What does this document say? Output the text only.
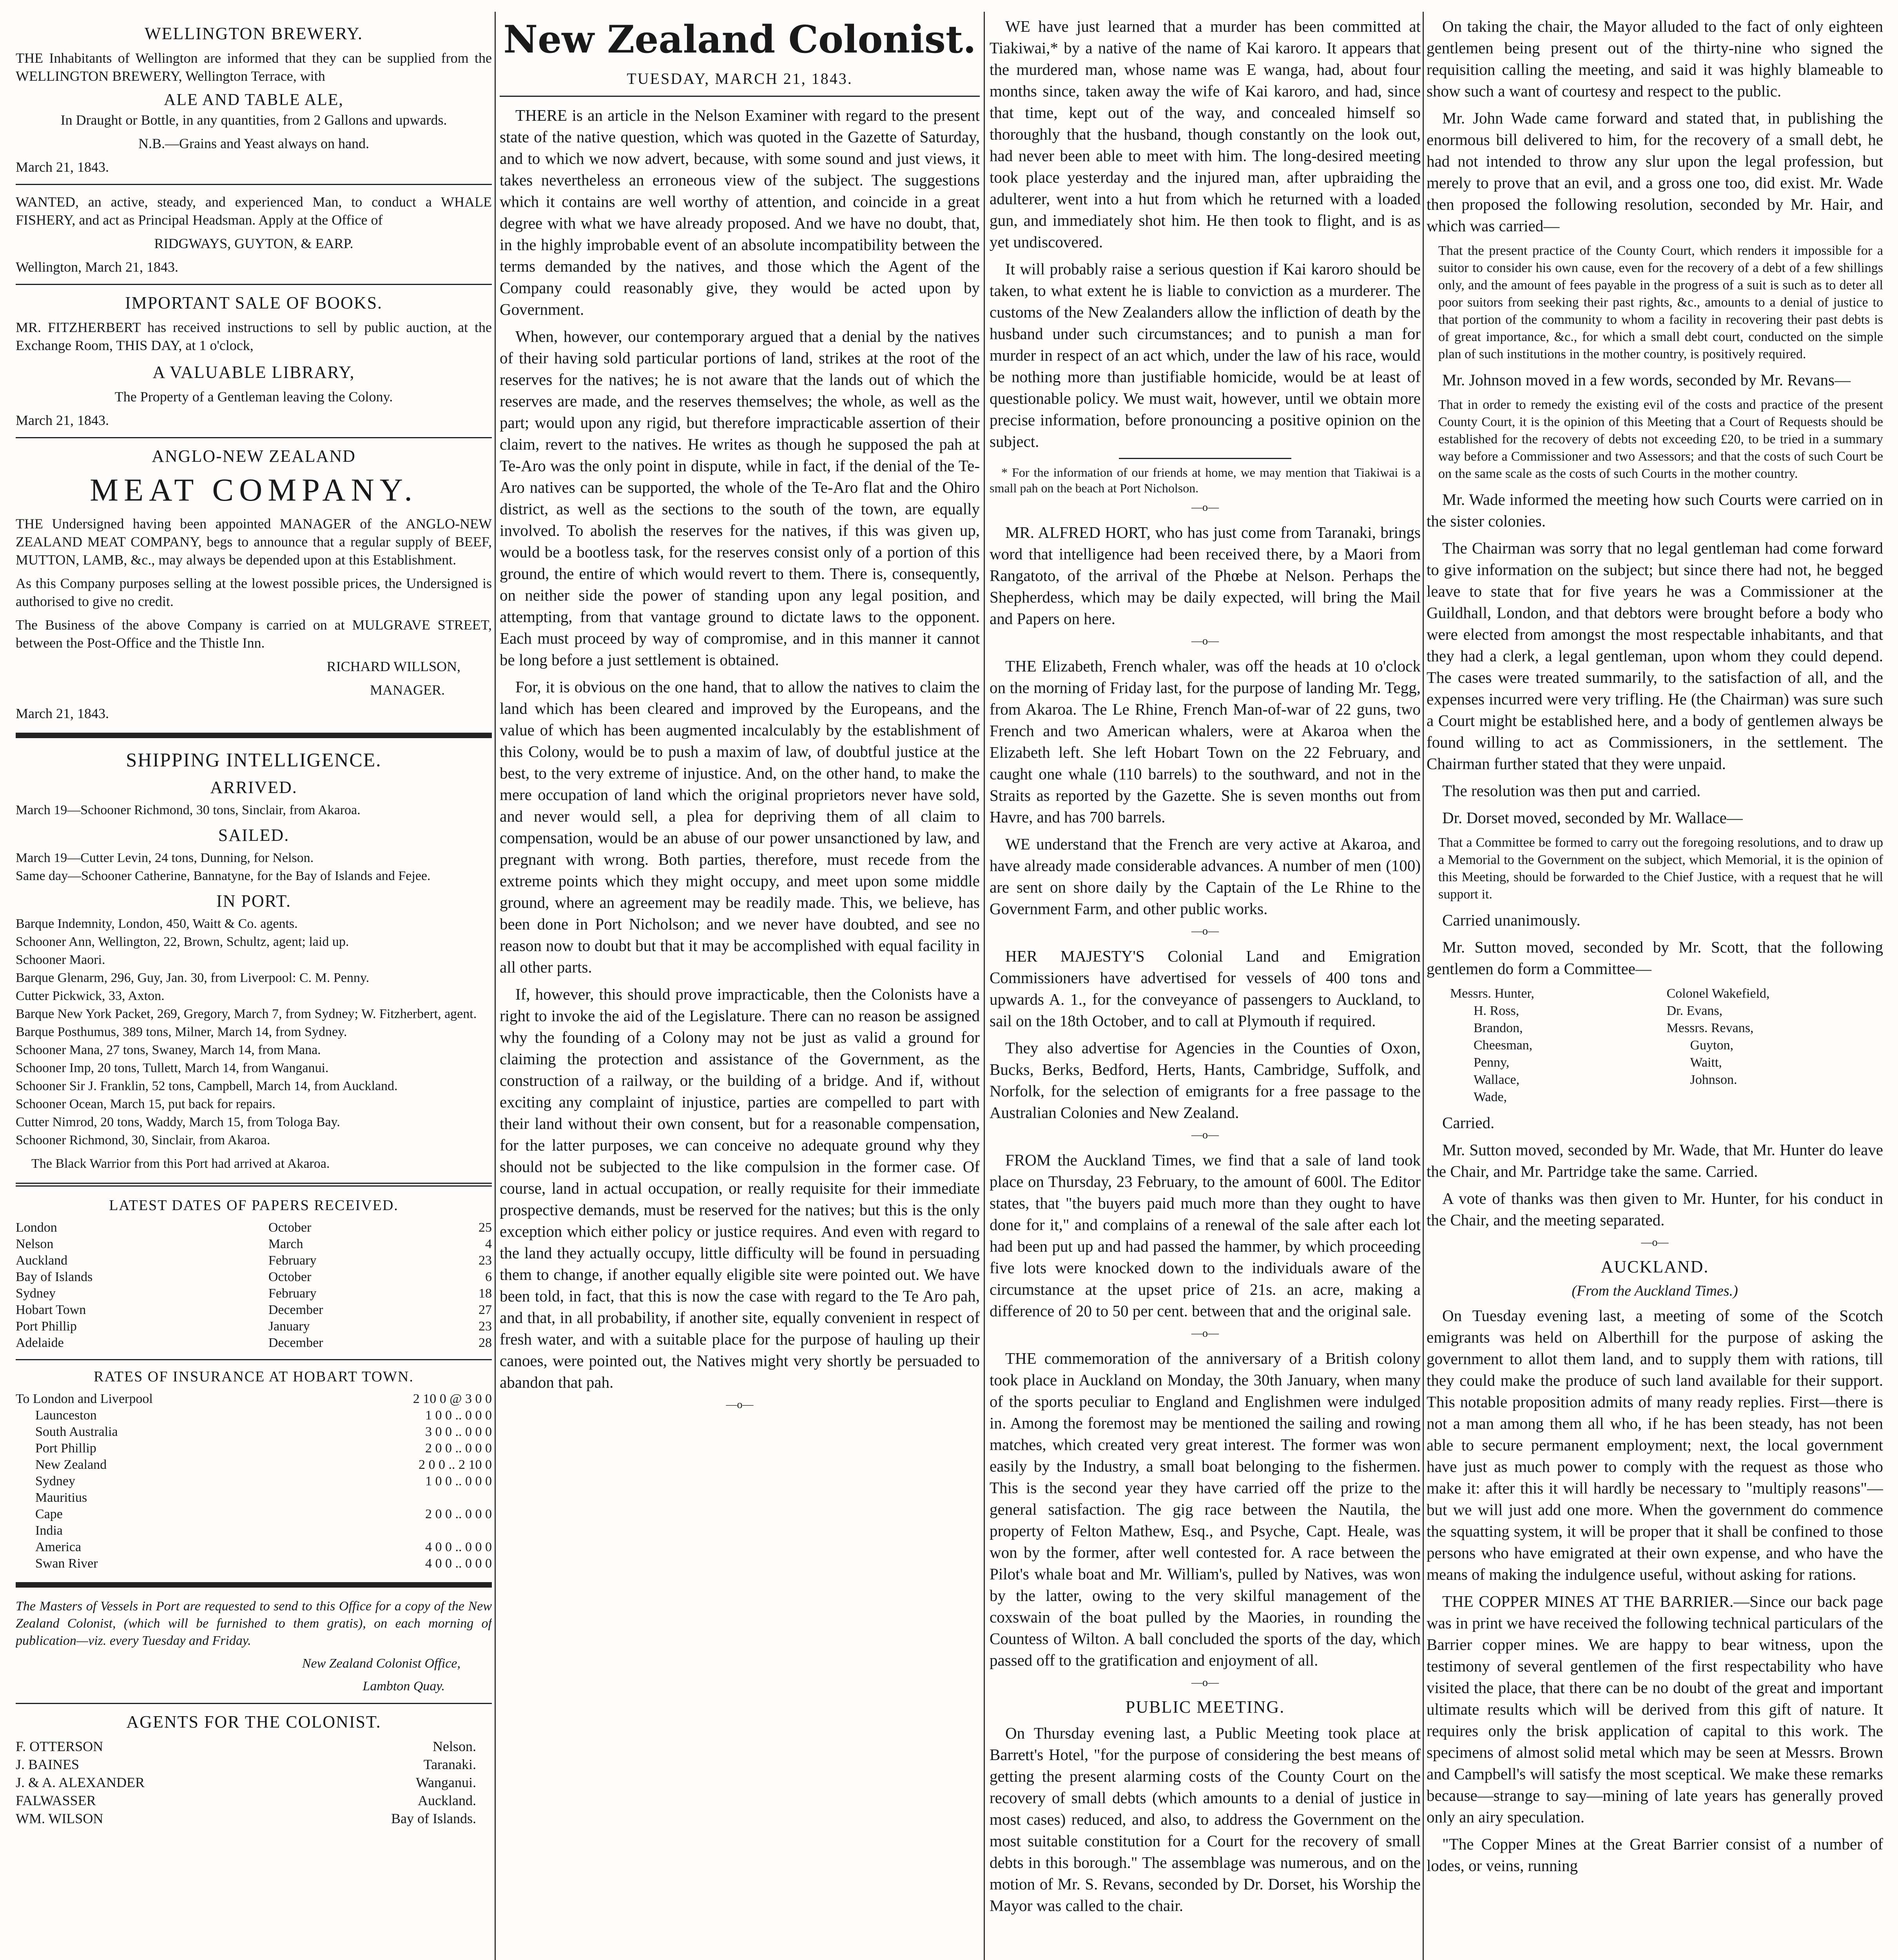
WELLINGTON BREWERY.

THE Inhabitants of Wellington are informed that they can be supplied from the WELLINGTON BREWERY, Wellington Terrace, with

ALE AND TABLE ALE,

In Draught or Bottle, in any quantities, from 2 Gallons and upwards.

N.B.—Grains and Yeast always on hand.

March 21, 1843.

WANTED, an active, steady, and experienced Man, to conduct a WHALE FISHERY, and act as Principal Headsman. Apply at the Office of

RIDGWAYS, GUYTON, & EARP.

Wellington, March 21, 1843.

IMPORTANT SALE OF BOOKS.

MR. FITZHERBERT has received instructions to sell by public auction, at the Exchange Room, THIS DAY, at 1 o'clock,

A VALUABLE LIBRARY,

The Property of a Gentleman leaving the Colony.

March 21, 1843.

ANGLO-NEW ZEALAND
MEAT COMPANY.

THE Undersigned having been appointed MANAGER of the ANGLO-NEW ZEALAND MEAT COMPANY, begs to announce that a regular supply of BEEF, MUTTON, LAMB, &c., may always be depended upon at this Establishment.

As this Company purposes selling at the lowest possible prices, the Undersigned is authorised to give no credit.

The Business of the above Company is carried on at MULGRAVE STREET, between the Post-Office and the Thistle Inn.

RICHARD WILLSON,

MANAGER.

March 21, 1843.

SHIPPING INTELLIGENCE.
ARRIVED.
March 19—Schooner Richmond, 30 tons, Sinclair, from Akaroa.
SAILED.
March 19—Cutter Levin, 24 tons, Dunning, for Nelson.
Same day—Schooner Catherine, Bannatyne, for the Bay of Islands and Fejee.
IN PORT.
Barque Indemnity, London, 450, Waitt & Co. agents.
Schooner Ann, Wellington, 22, Brown, Schultz, agent; laid up.
Schooner Maori.
Barque Glenarm, 296, Guy, Jan. 30, from Liverpool: C. M. Penny.
Cutter Pickwick, 33, Axton.
Barque New York Packet, 269, Gregory, March 7, from Sydney; W. Fitzherbert, agent.
Barque Posthumus, 389 tons, Milner, March 14, from Sydney.
Schooner Mana, 27 tons, Swaney, March 14, from Mana.
Schooner Imp, 20 tons, Tullett, March 14, from Wanganui.
Schooner Sir J. Franklin, 52 tons, Campbell, March 14, from Auckland.
Schooner Ocean, March 15, put back for repairs.
Cutter Nimrod, 20 tons, Waddy, March 15, from Tologa Bay.
Schooner Richmond, 30, Sinclair, from Akaroa.

The Black Warrior from this Port had arrived at Akaroa.

LATEST DATES OF PAPERS RECEIVED.
London	October	25
Nelson	March	4
Auckland	February	23
Bay of Islands	October	6
Sydney	February	18
Hobart Town	December	27
Port Phillip	January	23
Adelaide	December	28
RATES OF INSURANCE AT HOBART TOWN.
To London and Liverpool	2 10 0 @ 3 0 0
Launceston	1 0 0 .. 0 0 0
South Australia	3 0 0 .. 0 0 0
Port Phillip	2 0 0 .. 0 0 0
New Zealand	2 0 0 .. 2 10 0
Sydney	1 0 0 .. 0 0 0
Mauritius	
Cape	2 0 0 .. 0 0 0
India	
America	4 0 0 .. 0 0 0
Swan River	4 0 0 .. 0 0 0

The Masters of Vessels in Port are requested to send to this Office for a copy of the New Zealand Colonist, (which will be furnished to them gratis), on each morning of publication—viz. every Tuesday and Friday.

New Zealand Colonist Office,

Lambton Quay.

AGENTS FOR THE COLONIST.
F. OTTERSON	Nelson.
J. BAINES	Taranaki.
J. & A. ALEXANDER	Wanganui.
FALWASSER	Auckland.
WM. WILSON	Bay of Islands.
New Zealand Colonist.
TUESDAY, MARCH 21, 1843.

THERE is an article in the Nelson Examiner with regard to the present state of the native question, which was quoted in the Gazette of Saturday, and to which we now advert, because, with some sound and just views, it takes nevertheless an erroneous view of the subject. The suggestions which it contains are well worthy of attention, and coincide in a great degree with what we have already proposed. And we have no doubt, that, in the highly improbable event of an absolute incompatibility between the terms demanded by the natives, and those which the Agent of the Company could reasonably give, they would be acted upon by Government.

When, however, our contemporary argued that a denial by the natives of their having sold particular portions of land, strikes at the root of the reserves for the natives; he is not aware that the lands out of which the reserves are made, and the reserves themselves; the whole, as well as the part; would upon any rigid, but therefore impracticable assertion of their claim, revert to the natives. He writes as though he supposed the pah at Te-Aro was the only point in dispute, while in fact, if the denial of the Te-Aro natives can be supported, the whole of the Te-Aro flat and the Ohiro district, as well as the sections to the south of the town, are equally involved. To abolish the reserves for the natives, if this was given up, would be a bootless task, for the reserves consist only of a portion of this ground, the entire of which would revert to them. There is, consequently, on neither side the power of standing upon any legal position, and attempting, from that vantage ground to dictate laws to the opponent. Each must proceed by way of compromise, and in this manner it cannot be long before a just settlement is obtained.

For, it is obvious on the one hand, that to allow the natives to claim the land which has been cleared and improved by the Europeans, and the value of which has been augmented incalculably by the establishment of this Colony, would be to push a maxim of law, of doubtful justice at the best, to the very extreme of injustice. And, on the other hand, to make the mere occupation of land which the original proprietors never have sold, and never would sell, a plea for depriving them of all claim to compensation, would be an abuse of our power unsanctioned by law, and pregnant with wrong. Both parties, therefore, must recede from the extreme points which they might occupy, and meet upon some middle ground, where an agreement may be readily made. This, we believe, has been done in Port Nicholson; and we never have doubted, and see no reason now to doubt but that it may be accomplished with equal facility in all other parts.

If, however, this should prove impracticable, then the Colonists have a right to invoke the aid of the Legislature. There can no reason be assigned why the founding of a Colony may not be just as valid a ground for claiming the protection and assistance of the Government, as the construction of a railway, or the building of a bridge. And if, without exciting any complaint of injustice, parties are compelled to part with their land without their own consent, but for a reasonable compensation, for the latter purposes, we can conceive no adequate ground why they should not be subjected to the like compulsion in the former case. Of course, land in actual occupation, or really requisite for their immediate prospective demands, must be reserved for the natives; but this is the only exception which either policy or justice requires. And even with regard to the land they actually occupy, little difficulty will be found in persuading them to change, if another equally eligible site were pointed out. We have been told, in fact, that this is now the case with regard to the Te Aro pah, and that, in all probability, if another site, equally convenient in respect of fresh water, and with a suitable place for the purpose of hauling up their canoes, were pointed out, the Natives might very shortly be persuaded to abandon that pah.

—o—

WE have just learned that a murder has been committed at Tiakiwai,* by a native of the name of Kai karoro. It appears that the murdered man, whose name was E wanga, had, about four months since, taken away the wife of Kai karoro, and had, since that time, kept out of the way, and concealed himself so thoroughly that the husband, though constantly on the look out, had never been able to meet with him. The long-desired meeting took place yesterday and the injured man, after upbraiding the adulterer, went into a hut from which he returned with a loaded gun, and immediately shot him. He then took to flight, and is as yet undiscovered.

It will probably raise a serious question if Kai karoro should be taken, to what extent he is liable to conviction as a murderer. The customs of the New Zealanders allow the infliction of death by the husband under such circumstances; and to punish a man for murder in respect of an act which, under the law of his race, would be nothing more than justifiable homicide, would be at least of questionable policy. We must wait, however, until we obtain more precise information, before pronouncing a positive opinion on the subject.

* For the information of our friends at home, we may mention that Tiakiwai is a small pah on the beach at Port Nicholson.
—o—

MR. ALFRED HORT, who has just come from Taranaki, brings word that intelligence had been received there, by a Maori from Rangatoto, of the arrival of the Phœbe at Nelson. Perhaps the Shepherdess, which may be daily expected, will bring the Mail and Papers on here.

—o—

THE Elizabeth, French whaler, was off the heads at 10 o'clock on the morning of Friday last, for the purpose of landing Mr. Tegg, from Akaroa. The Le Rhine, French Man-of-war of 22 guns, two French and two American whalers, were at Akaroa when the Elizabeth left. She left Hobart Town on the 22 February, and caught one whale (110 barrels) to the southward, and not in the Straits as reported by the Gazette. She is seven months out from Havre, and has 700 barrels.

WE understand that the French are very active at Akaroa, and have already made considerable advances. A number of men (100) are sent on shore daily by the Captain of the Le Rhine to the Government Farm, and other public works.

—o—

HER MAJESTY'S Colonial Land and Emigration Commissioners have advertised for vessels of 400 tons and upwards A. 1., for the conveyance of passengers to Auckland, to sail on the 18th October, and to call at Plymouth if required.

They also advertise for Agencies in the Counties of Oxon, Bucks, Berks, Bedford, Herts, Hants, Cambridge, Suffolk, and Norfolk, for the selection of emigrants for a free passage to the Australian Colonies and New Zealand.

—o—

FROM the Auckland Times, we find that a sale of land took place on Thursday, 23 February, to the amount of 600l. The Editor states, that "the buyers paid much more than they ought to have done for it," and complains of a renewal of the sale after each lot had been put up and had passed the hammer, by which proceeding five lots were knocked down to the individuals aware of the circumstance at the upset price of 21s. an acre, making a difference of 20 to 50 per cent. between that and the original sale.

—o—

THE commemoration of the anniversary of a British colony took place in Auckland on Monday, the 30th January, when many of the sports peculiar to England and Englishmen were indulged in. Among the foremost may be mentioned the sailing and rowing matches, which created very great interest. The former was won easily by the Industry, a small boat belonging to the fishermen. This is the second year they have carried off the prize to the general satisfaction. The gig race between the Nautila, the property of Felton Mathew, Esq., and Psyche, Capt. Heale, was won by the former, after well contested for. A race between the Pilot's whale boat and Mr. William's, pulled by Natives, was won by the latter, owing to the very skilful management of the coxswain of the boat pulled by the Maories, in rounding the Countess of Wilton. A ball concluded the sports of the day, which passed off to the gratification and enjoyment of all.

—o—
PUBLIC MEETING.

On Thursday evening last, a Public Meeting took place at Barrett's Hotel, "for the purpose of considering the best means of getting the present alarming costs of the County Court on the recovery of small debts (which amounts to a denial of justice in most cases) reduced, and also, to address the Government on the most suitable constitution for a Court for the recovery of small debts in this borough." The assemblage was numerous, and on the motion of Mr. S. Revans, seconded by Dr. Dorset, his Worship the Mayor was called to the chair.

On taking the chair, the Mayor alluded to the fact of only eighteen gentlemen being present out of the thirty-nine who signed the requisition calling the meeting, and said it was highly blameable to show such a want of courtesy and respect to the public.

Mr. John Wade came forward and stated that, in publishing the enormous bill delivered to him, for the recovery of a small debt, he had not intended to throw any slur upon the legal profession, but merely to prove that an evil, and a gross one too, did exist. Mr. Wade then proposed the following resolution, seconded by Mr. Hair, and which was carried—

That the present practice of the County Court, which renders it impossible for a suitor to consider his own cause, even for the recovery of a debt of a few shillings only, and the amount of fees payable in the progress of a suit is such as to deter all poor suitors from seeking their past rights, &c., amounts to a denial of justice to that portion of the community to whom a facility in recovering their past debts is of great importance, &c., for which a small debt court, conducted on the simple plan of such institutions in the mother country, is positively required.

Mr. Johnson moved in a few words, seconded by Mr. Revans—

That in order to remedy the existing evil of the costs and practice of the present County Court, it is the opinion of this Meeting that a Court of Requests should be established for the recovery of debts not exceeding £20, to be tried in a summary way before a Commissioner and two Assessors; and that the costs of such Court be on the same scale as the costs of such Courts in the mother country.

Mr. Wade informed the meeting how such Courts were carried on in the sister colonies.

The Chairman was sorry that no legal gentleman had come forward to give information on the subject; but since there had not, he begged leave to state that for five years he was a Commissioner at the Guildhall, London, and that debtors were brought before a body who were elected from amongst the most respectable inhabitants, and that they had a clerk, a legal gentleman, upon whom they could depend. The cases were treated summarily, to the satisfaction of all, and the expenses incurred were very trifling. He (the Chairman) was sure such a Court might be established here, and a body of gentlemen always be found willing to act as Commissioners, in the settlement. The Chairman further stated that they were unpaid.

The resolution was then put and carried.

Dr. Dorset moved, seconded by Mr. Wallace—

That a Committee be formed to carry out the foregoing resolutions, and to draw up a Memorial to the Government on the subject, which Memorial, it is the opinion of this Meeting, should be forwarded to the Chief Justice, with a request that he will support it.

Carried unanimously.

Mr. Sutton moved, seconded by Mr. Scott, that the following gentlemen do form a Committee—

Messrs. Hunter,
H. Ross,
Brandon,
Cheesman,
Penny,
Wallace,
Wade,
Colonel Wakefield,
Dr. Evans,
Messrs. Revans,
Guyton,
Waitt,
Johnson.

Carried.

Mr. Sutton moved, seconded by Mr. Wade, that Mr. Hunter do leave the Chair, and Mr. Partridge take the same. Carried.

A vote of thanks was then given to Mr. Hunter, for his conduct in the Chair, and the meeting separated.

—o—
AUCKLAND.
(From the Auckland Times.)

On Tuesday evening last, a meeting of some of the Scotch emigrants was held on Alberthill for the purpose of asking the government to allot them land, and to supply them with rations, till they could make the produce of such land available for their support. This notable proposition admits of many ready replies. First—there is not a man among them all who, if he has been steady, has not been able to secure permanent employment; next, the local government have just as much power to comply with the request as those who make it: after this it will hardly be necessary to "multiply reasons"—but we will just add one more. When the government do commence the squatting system, it will be proper that it shall be confined to those persons who have emigrated at their own expense, and who have the means of making the indulgence useful, without asking for rations.

THE COPPER MINES AT THE BARRIER.—Since our back page was in print we have received the following technical particulars of the Barrier copper mines. We are happy to bear witness, upon the testimony of several gentlemen of the first respectability who have visited the place, that there can be no doubt of the great and important ultimate results which will be derived from this gift of nature. It requires only the brisk application of capital to this work. The specimens of almost solid metal which may be seen at Messrs. Brown and Campbell's will satisfy the most sceptical. We make these remarks because—strange to say—mining of late years has generally proved only an airy speculation.

"The Copper Mines at the Great Barrier consist of a number of lodes, or veins, running
